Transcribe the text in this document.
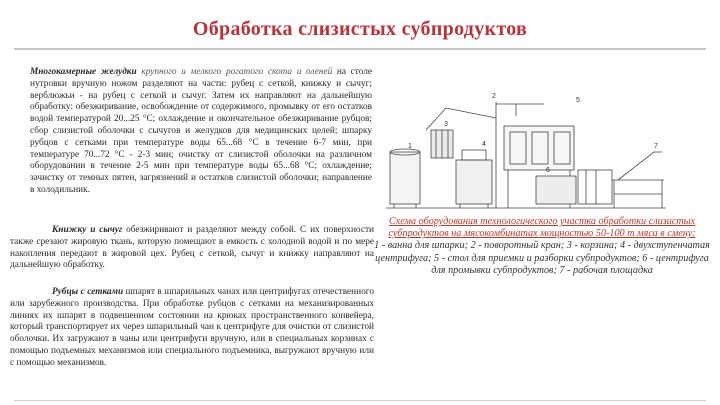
Обработка слизистых субпродуктов

Многокамерные желудки крупного и мелкого рогатого скота и оленей на столе нутровки вручную ножом разделяют на части: рубец с сеткой, книжку и сычуг; верблюжьи - на рубец с сеткой и сычуг. Затем их направляют на дальнейшую обработку: обезжиривание, освобождение от содержимого, промывку от его остатков водой температурой 20...25 °С; охлаждение и окончательное обезжиривание рубцов; сбор слизистой оболочки с сычугов и желудков для медицинских целей; шпарку рубцов с сетками при температуре воды 65...68 °С в течение 6-7 мин, при температуре 70...72 °С - 2-3 мин; очистку от слизистой оболочки на различном оборудовании в течение 2-5 мин при температуре воды 65...68 °С; охлаждение; зачистку от темных пятен, загрязнений и остатков слизистой оболочки; направление в холодильник.

Книжку и сычуг обезжиривают и разделяют между собой. С их поверхности также срезают жировую ткань, которую помещают в емкость с холодной водой и по мере накопления передают в жировой цех. Рубец с сеткой, сычуг и книжку направляют на дальнейшую обработку.

Рубцы с сетками шпарят в шпарильных чанах или центрифугах отечественного или зарубежного производства. При обработке рубцов с сетками на механизированных линиях их шпарят в подвешенном состоянии на крюках пространственного конвейера, который транспортирует их через шпарильный чан к центрифуге для очистки от слизистой оболочки. Их загружают в чаны или центрифуги вручную, или в специальных корзинах с помощью подъемных механизмов или специального подъемника, выгружают вручную или с помощью механизмов.

1
2
3
4
5
6
7
Схема оборудования технологического участка обработки слизистых субпродуктов на мясокомбинатах мощностью 50-100 т мяса в смену:
1 - ванна для шпарки; 2 - поворотный кран; 3 - корзина; 4 - двухступенчатая
центрифуга; 5 - стол для приемки и разборки субпродуктов; 6 - центрифуга для промывки субпродуктов; 7 - рабочая площадка
